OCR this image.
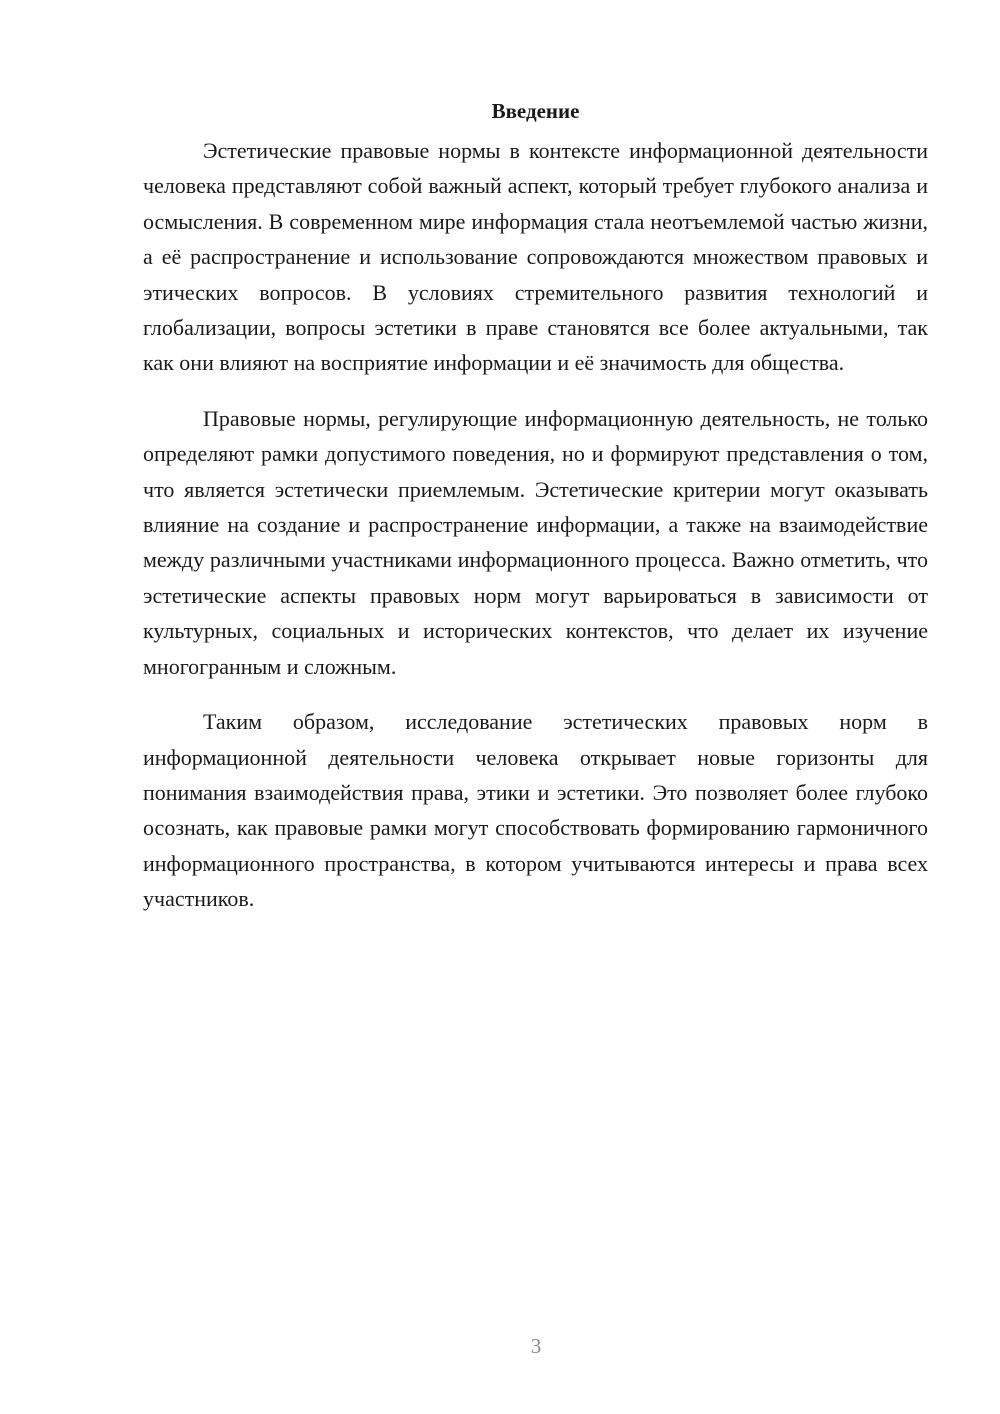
Введение

Эстетические правовые нормы в контексте информационной деятельности человека представляют собой важный аспект, который требует глубокого анализа и осмысления. В современном мире информация стала неотъемлемой частью жизни, а её распространение и использование сопровождаются множеством правовых и этических вопросов. В условиях стремительного развития технологий и глобализации, вопросы эстетики в праве становятся все более актуальными, так как они влияют на восприятие информации и её значимость для общества.

Правовые нормы, регулирующие информационную деятельность, не только определяют рамки допустимого поведения, но и формируют представления о том, что является эстетически приемлемым. Эстетические критерии могут оказывать влияние на создание и распространение информации, а также на взаимодействие между различными участниками информационного процесса. Важно отметить, что эстетические аспекты правовых норм могут варьироваться в зависимости от культурных, социальных и исторических контекстов, что делает их изучение многогранным и сложным.

Таким образом, исследование эстетических правовых норм в информационной деятельности человека открывает новые горизонты для понимания взаимодействия права, этики и эстетики. Это позволяет более глубоко осознать, как правовые рамки могут способствовать формированию гармоничного информационного пространства, в котором учитываются интересы и права всех участников.

3
